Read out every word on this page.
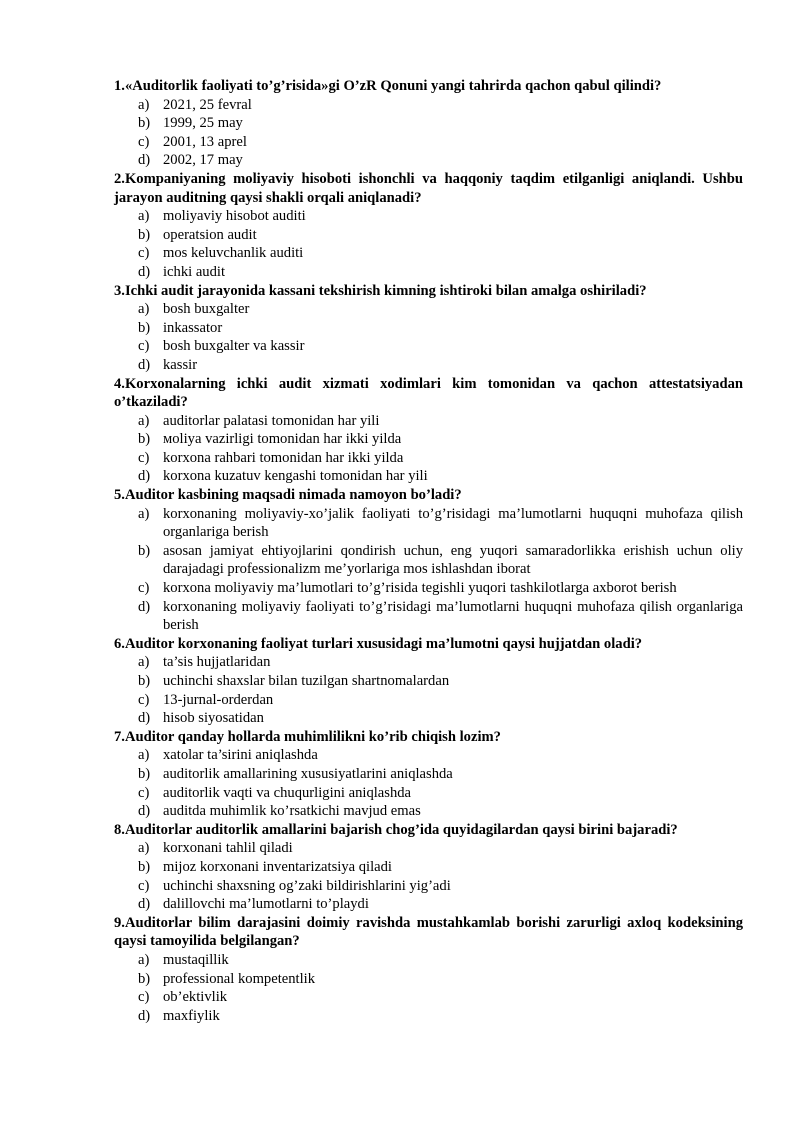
1.«Auditorlik faoliyati to’g’risida»gi O’zR Qonuni yangi tahrirda qachon qabul qilindi?

a) 2021, 25 fevral
b) 1999, 25 may
c) 2001, 13 aprel
d) 2002, 17 may

2.Kompaniyaning moliyaviy hisoboti ishonchli va haqqoniy taqdim etilganligi aniqlandi. Ushbu jarayon auditning qaysi shakli orqali aniqlanadi?

a) moliyaviy hisobot auditi
b) operatsion audit
c) mos keluvchanlik auditi
d) ichki audit

3.Ichki audit jarayonida kassani tekshirish kimning ishtiroki bilan amalga oshiriladi?

a) bosh buxgalter
b) inkassator
c) bosh buxgalter va kassir
d) kassir

4.Korxonalarning ichki audit xizmati xodimlari kim tomonidan va qachon attestatsiyadan o’tkaziladi?

a) auditorlar palatasi tomonidan har yili
b) мoliya vazirligi tomonidan har ikki yilda
c) korxona rahbari tomonidan har ikki yilda
d) korxona kuzatuv kengashi tomonidan har yili

5.Auditor kasbining maqsadi nimada namoyon bo’ladi?

a) korxonaning moliyaviy-xo’jalik faoliyati to’g’risidagi ma’lumotlarni huquqni muhofaza qilish organlariga berish
b) asosan jamiyat ehtiyojlarini qondirish uchun, eng yuqori samaradorlikka erishish uchun oliy darajadagi professionalizm me’yorlariga mos ishlashdan iborat
c) korxona moliyaviy ma’lumotlari to’g’risida tegishli yuqori tashkilotlarga axborot berish
d) korxonaning moliyaviy faoliyati to’g’risidagi ma’lumotlarni huquqni muhofaza qilish organlariga berish

6.Auditor korxonaning faoliyat turlari xususidagi ma’lumotni qaysi hujjatdan oladi?

a) ta’sis hujjatlaridan
b) uchinchi shaxslar bilan tuzilgan shartnomalardan
c) 13-jurnal-orderdan
d) hisob siyosatidan

7.Auditor qanday hollarda muhimlilikni ko’rib chiqish lozim?

a) xatolar ta’sirini aniqlashda
b) auditorlik amallarining xususiyatlarini aniqlashda
c) auditorlik vaqti va chuqurligini aniqlashda
d) auditda muhimlik ko’rsatkichi mavjud emas

8.Auditorlar auditorlik amallarini bajarish chog’ida quyidagilardan qaysi birini bajaradi?

a) korxonani tahlil qiladi
b) mijoz korxonani inventarizatsiya qiladi
c) uchinchi shaxsning og’zaki bildirishlarini yig’adi
d) dalillovchi ma’lumotlarni to’playdi

9.Auditorlar bilim darajasini doimiy ravishda mustahkamlab borishi zarurligi axloq kodeksining qaysi tamoyilida belgilangan?

a) mustaqillik
b) professional kompetentlik
c) ob’ektivlik
d) maxfiylik
